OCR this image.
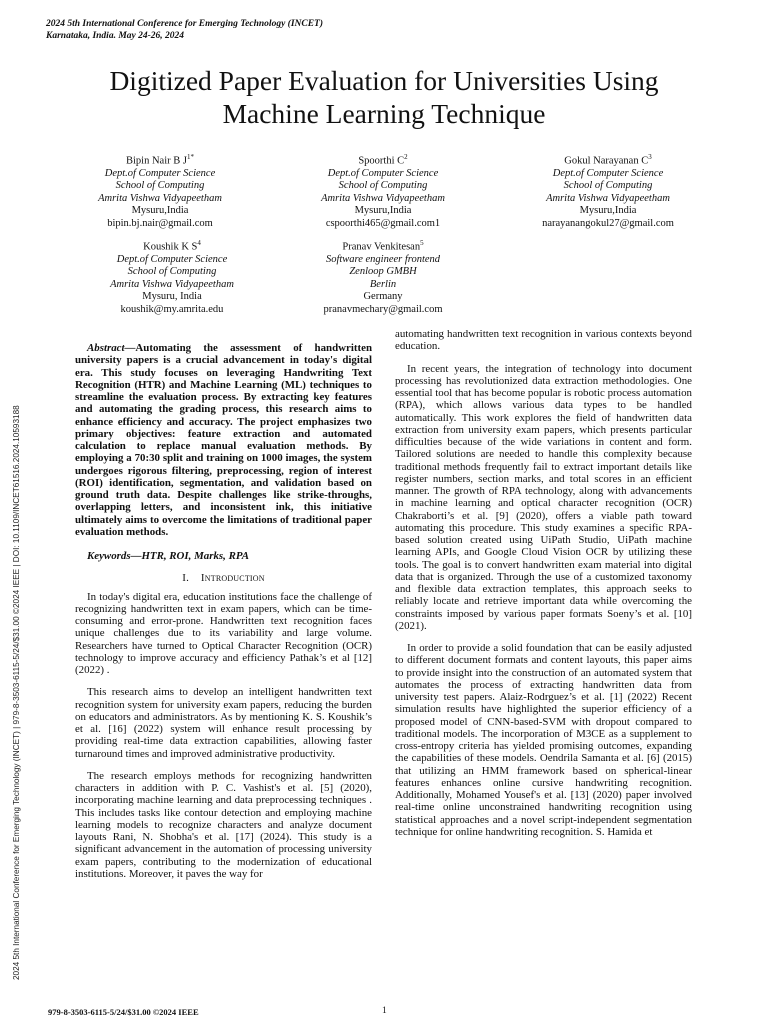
2024 5th International Conference for Emerging Technology (INCET)
Karnataka, India. May 24-26, 2024
Digitized Paper Evaluation for Universities Using
Machine Learning Technique
Bipin Nair B $J^{1*}$
Dept.of Computer Science
School of Computing
Amrita Vishwa Vidyapeetham
Mysuru,India
bipin.bj.nair@gmail.com
Spoorthi $C^2$
Dept.of Computer Science
School of Computing
Amrita Vishwa Vidyapeetham
Mysuru,India
cspoorthi465@gmail.com1
Gokul Narayanan $C^3$
Dept.of Computer Science
School of Computing
Amrita Vishwa Vidyapeetham
Mysuru,India
narayanangokul27@gmail.com
Koushik K $S^4$
Dept.of Computer Science
School of Computing
Amrita Vishwa Vidyapeetham
Mysuru, India
koushik@my.amrita.edu
Pranav Venkitesan$^5$
Software engineer frontend
Zenloop GMBH
Berlin
Germany
pranavmechary@gmail.com
2024 5th International Conference for Emerging Technology (INCET) | 979-8-3503-6115-5/24/$31.00 ©2024 IEEE | DOI: 10.1109/INCET61516.2024.10593188

Abstract—Automating the assessment of handwritten university papers is a crucial advancement in today's digital era. This study focuses on leveraging Handwriting Text Recognition (HTR) and Machine Learning (ML) techniques to streamline the evaluation process. By extracting key features and automating the grading process, this research aims to enhance efficiency and accuracy. The project emphasizes two primary objectives: feature extraction and automated calculation to replace manual evaluation methods. By employing a 70:30 split and training on 1000 images, the system undergoes rigorous filtering, preprocessing, region of interest (ROI) identification, segmentation, and validation based on ground truth data. Despite challenges like strike-throughs, overlapping letters, and inconsistent ink, this initiative ultimately aims to overcome the limitations of traditional paper evaluation methods.

Keywords—HTR, ROI, Marks, RPA

I. Introduction

In today's digital era, education institutions face the challenge of recognizing handwritten text in exam papers, which can be time-consuming and error-prone. Handwritten text recognition faces unique challenges due to its variability and large volume. Researchers have turned to Optical Character Recognition (OCR) technology to improve accuracy and efficiency Pathak’s et al [12] (2022) .

This research aims to develop an intelligent handwritten text recognition system for university exam papers, reducing the burden on educators and administrators. As by mentioning K. S. Koushik’s et al. [16] (2022) system will enhance result processing by providing real-time data extraction capabilities, allowing faster turnaround times and improved administrative productivity.

The research employs methods for recognizing handwritten characters in addition with P. C. Vashist's et al. [5] (2020), incorporating machine learning and data preprocessing techniques . This includes tasks like contour detection and employing machine learning models to recognize characters and analyze document layouts Rani, N. Shobha's et al. [17] (2024). This study is a significant advancement in the automation of processing university exam papers, contributing to the modernization of educational institutions. Moreover, it paves the way for

automating handwritten text recognition in various contexts beyond education.

In recent years, the integration of technology into document processing has revolutionized data extraction methodologies. One essential tool that has become popular is robotic process automation (RPA), which allows various data types to be handled automatically. This work explores the field of handwritten data extraction from university exam papers, which presents particular difficulties because of the wide variations in content and form. Tailored solutions are needed to handle this complexity because traditional methods frequently fail to extract important details like register numbers, section marks, and total scores in an efficient manner. The growth of RPA technology, along with advancements in machine learning and optical character recognition (OCR) Chakraborti’s et al. [9] (2020), offers a viable path toward automating this procedure. This study examines a specific RPA-based solution created using UiPath Studio, UiPath machine learning APIs, and Google Cloud Vision OCR by utilizing these tools. The goal is to convert handwritten exam material into digital data that is organized. Through the use of a customized taxonomy and flexible data extraction templates, this approach seeks to reliably locate and retrieve important data while overcoming the constraints imposed by various paper formats Soeny’s et al. [10] (2021).

In order to provide a solid foundation that can be easily adjusted to different document formats and content layouts, this paper aims to provide insight into the construction of an automated system that automates the process of extracting handwritten data from university test papers. Alaiz-Rodrguez’s et al. [1] (2022) Recent simulation results have highlighted the superior efficiency of a proposed model of CNN-based-SVM with dropout compared to traditional models. The incorporation of M3CE as a supplement to cross-entropy criteria has yielded promising outcomes, expanding the capabilities of these models. Oendrila Samanta et al. [6] (2015) that utilizing an HMM framework based on spherical-linear features enhances online cursive handwriting recognition. Additionally, Mohamed Yousef's et al. [13] (2020) paper involved real-time online unconstrained handwriting recognition using statistical approaches and a novel script-independent segmentation technique for online handwriting recognition. S. Hamida et

979-8-3503-6115-5/24/$31.00 ©2024 IEEE	1
